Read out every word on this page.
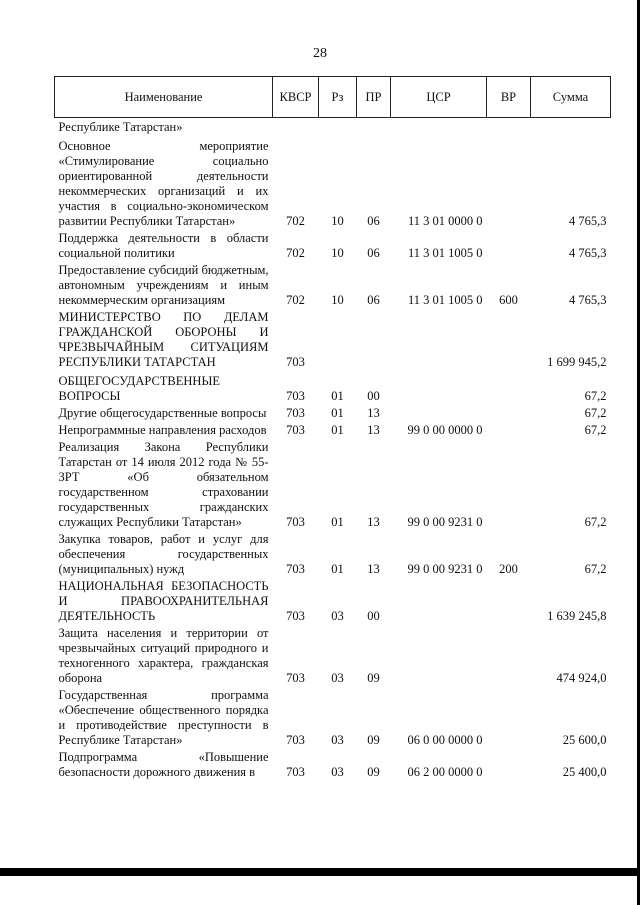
28
Наименование	КВСР	Рз	ПР	ЦСР	ВР	Сумма
Республике Татарстан»						
Основное мероприятие «Стимулирование социально ориентированной деятельности некоммерческих организаций и их участия в социально-экономическом развитии Республики Татарстан»	702	10	06	11 3 01 0000 0		4 765,3
Поддержка деятельности в области социальной политики	702	10	06	11 3 01 1005 0		4 765,3
Предоставление субсидий бюджетным, автономным учреждениям и иным некоммерческим организациям	702	10	06	11 3 01 1005 0	600	4 765,3
МИНИСТЕРСТВО ПО ДЕЛАМ ГРАЖДАНСКОЙ ОБОРОНЫ И ЧРЕЗВЫЧАЙНЫМ СИТУАЦИЯМ РЕСПУБЛИКИ ТАТАРСТАН	703					1 699 945,2
ОБЩЕГОСУДАРСТВЕННЫЕ ВОПРОСЫ	703	01	00			67,2
Другие общегосударственные вопросы	703	01	13			67,2
Непрограммные направления расходов	703	01	13	99 0 00 0000 0		67,2
Реализация Закона Республики Татарстан от 14 июля 2012 года № 55-ЗРТ «Об обязательном государственном страховании государственных гражданских служащих Республики Татарстан»	703	01	13	99 0 00 9231 0		67,2
Закупка товаров, работ и услуг для обеспечения государственных (муниципальных) нужд	703	01	13	99 0 00 9231 0	200	67,2
НАЦИОНАЛЬНАЯ БЕЗОПАСНОСТЬ И ПРАВООХРАНИТЕЛЬНАЯ ДЕЯТЕЛЬНОСТЬ	703	03	00			1 639 245,8
Защита населения и территории от чрезвычайных ситуаций природного и техногенного характера, гражданская оборона	703	03	09			474 924,0
Государственная программа «Обеспечение общественного порядка и противодействие преступности в Республике Татарстан»	703	03	09	06 0 00 0000 0		25 600,0
Подпрограмма «Повышение безопасности дорожного движения в	703	03	09	06 2 00 0000 0		25 400,0
